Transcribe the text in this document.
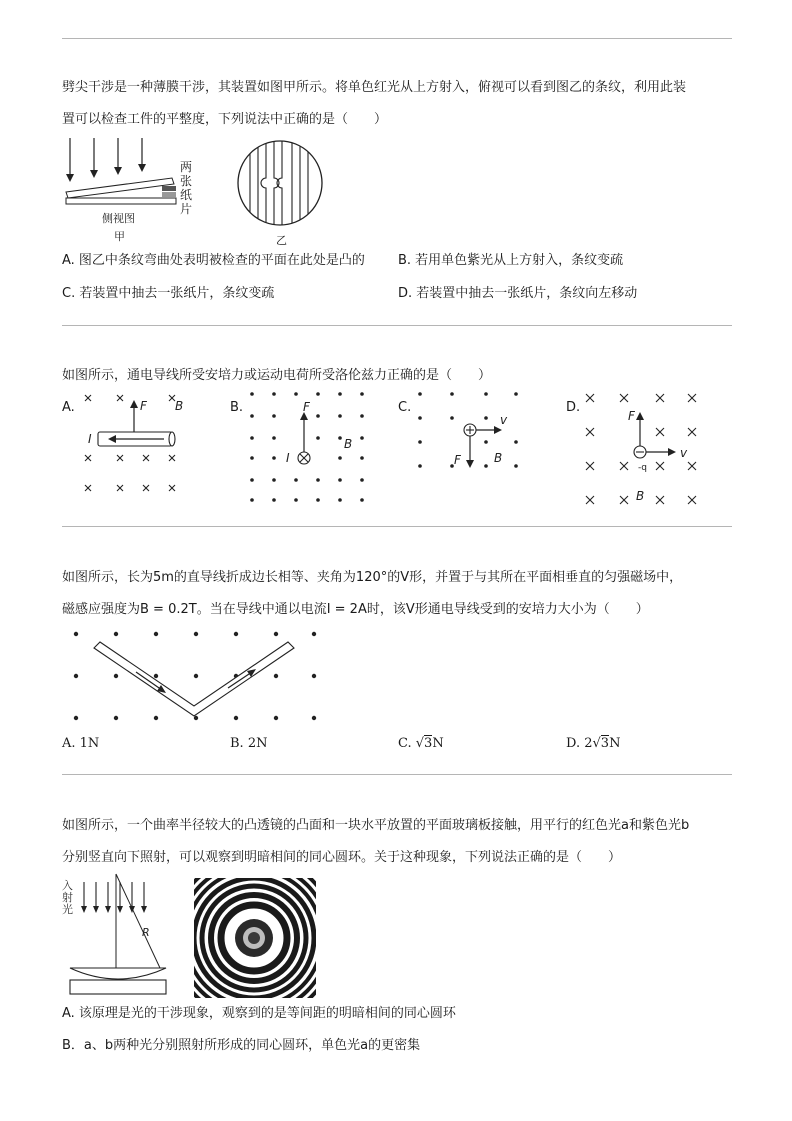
劈尖干涉是一种薄膜干涉，其装置如图甲所示。将单色红光从上方射入，俯视可以看到图乙的条纹，利用此装
置可以检查工件的平整度，下列说法中正确的是（　　）
侧视图
甲
两张纸片
乙
A. 图乙中条纹弯曲处表明被检查的平面在此处是凸的	B. 若用单色紫光从上方射入，条纹变疏
C. 若装置中抽去一张纸片，条纹变疏	D. 若装置中抽去一张纸片，条纹向左移动
如图所示，通电导线所受安培力或运动电荷所受洛伦兹力正确的是（　　）
A.	B.	C.	D.
F B
I
F
B
I
v
F	B
F
v
-q
B
如图所示，长为5m的直导线折成边长相等、夹角为120°的V形，并置于与其所在平面相垂直的匀强磁场中，
磁感应强度为B = 0.2T。当在导线中通以电流I = 2A时，该V形通电导线受到的安培力大小为（　　）
A. 1N	B. 2N	C. √3N	D. 2√3N
如图所示，一个曲率半径较大的凸透镜的凸面和一块水平放置的平面玻璃板接触，用平行的红色光a和紫色光b
分别竖直向下照射，可以观察到明暗相间的同心圆环。关于这种现象，下列说法正确的是（　　）
R
入射光
A. 该原理是光的干涉现象，观察到的是等间距的明暗相间的同心圆环
B．a、b两种光分别照射所形成的同心圆环，单色光a的更密集
